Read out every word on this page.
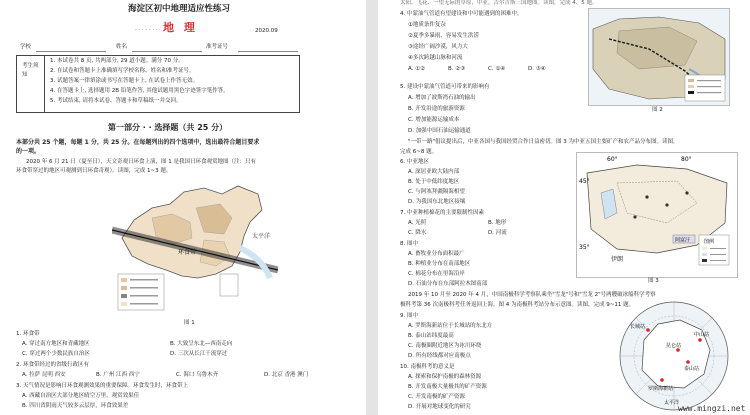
海淀区初中地理适应性练习
· · · · · · · 地 理	2020.09
学校	姓名	准考证号
考生须知
1. 本试卷共 8 页, 共两部分, 29 道小题。满分 70 分。
2. 在试卷和答题卡上准确填写学校名称、姓名和准考证号。
3. 试题答案一律填涂或书写在答题卡上, 在试卷上作答无效。
4. 在答题卡上, 选择题用 2B 铅笔作答, 其他试题用黑色字迹签字笔作答。
5. 考试结束, 请将本试卷、答题卡和草稿纸一并交回。
第一部分 · · 选择题（共 25 分）
本部分共 25 个题，每题 1 分，共 25 分。在每题列出的四个选项中，选出最符合题目要求
的一项。
2020 年 6 月 21 日（夏至日），天文奇观日环食上演，图 1 是我国日环食观赏地图（注：只有
环食带穿过的地区可观测到日环食奇观）。读图，完成 1~3 题。
太平洋
环食带
图 1
1. 环食带
A. 穿过南方地区和青藏地区	B. 大致呈东北—西南走向
C. 穿过两个少数民族自治区	D. 三次从长江干流穿过
2. 环食带经过的省级行政区有
A. 拉萨 昆明 西安	B. 广州 江西 西宁	C. 海口 乌鲁木齐	D. 北京 香港 澳门
3. 天气情况是影响日环食观测效果的重要保障。环食发生时，环食带上
A. 西藏自治区大部分地区晴空万里，观赏效果佳
B. 四川省阴雨天气较多云层厚，环食效果差
太阳、飞花、一望无际的草原，中亚，吉尔吉斯三国地图。读图，完成 4、5 题。
4. 中蒙油气管道有望建设和中可能遇到的困难中，
①地质条件复杂
②夏季多暴雨、容易发生洪涝
③途经广阔沙漠，风力大
④多次跨越山脉和河流
A. ①②	B. ②③	C. ①④	D. ③④
图 2
5. 建设中蒙油气管道可带来的影响有
A. 增加了波斯湾石油的输出
B. 开发沿途的旅游资源
C. 增加能源运输成本
D. 加强中国石油运输通道
"一带一路"倡议提出后，中亚各国与我国经贸合作日益密切。图 3 为中亚五国主要矿产和农产品分布图。读图，
完成 6~8 题。
6. 中亚地区
A. 深居亚欧大陆内部
B. 处于中低纬度地区
C. 与阿塞拜疆隔海相望
D. 为我国东北地区接壤
7. 中亚种植棉花的主要限制性因素
A. 光照	B. 地形
C. 降水	D. 河流
8. 图中
A. 畜牧业分布面积最广
B. 种植业分布在南部地区
C. 棉花分布在里海沿岸
D. 石油分布在东部阿拉木图南部
60°	80°
45°
35°
伊朗
阿富汗	图例
图 3
2019 年 10 月至 2020 年 4 月，中国南极科学考察队乘坐"雪龙"号和"雪龙 2"号两艘破冰船科学考察
极科考第 36 次南极科考任务返回上海。图 4 为南极科考站分布示意图。读图，完成 9~11 题。
9. 图中
A. 罗斯海新站位于长城站的东北方
B. 泰山站纬度最高
C. 南极圈附近地区为冰川环绕
D. 所有经线都对应南极点
10. 南极科考的意义是
A. 探索和保护南极的森林资源
B. 开发南极大量极其的矿产资源
C. 开发南极的矿产资源
D. 开展对地球变化的研究
长城站
中山站
昆仑站
泰山站
罗斯海新站
太平洋
www.mingzi.net
